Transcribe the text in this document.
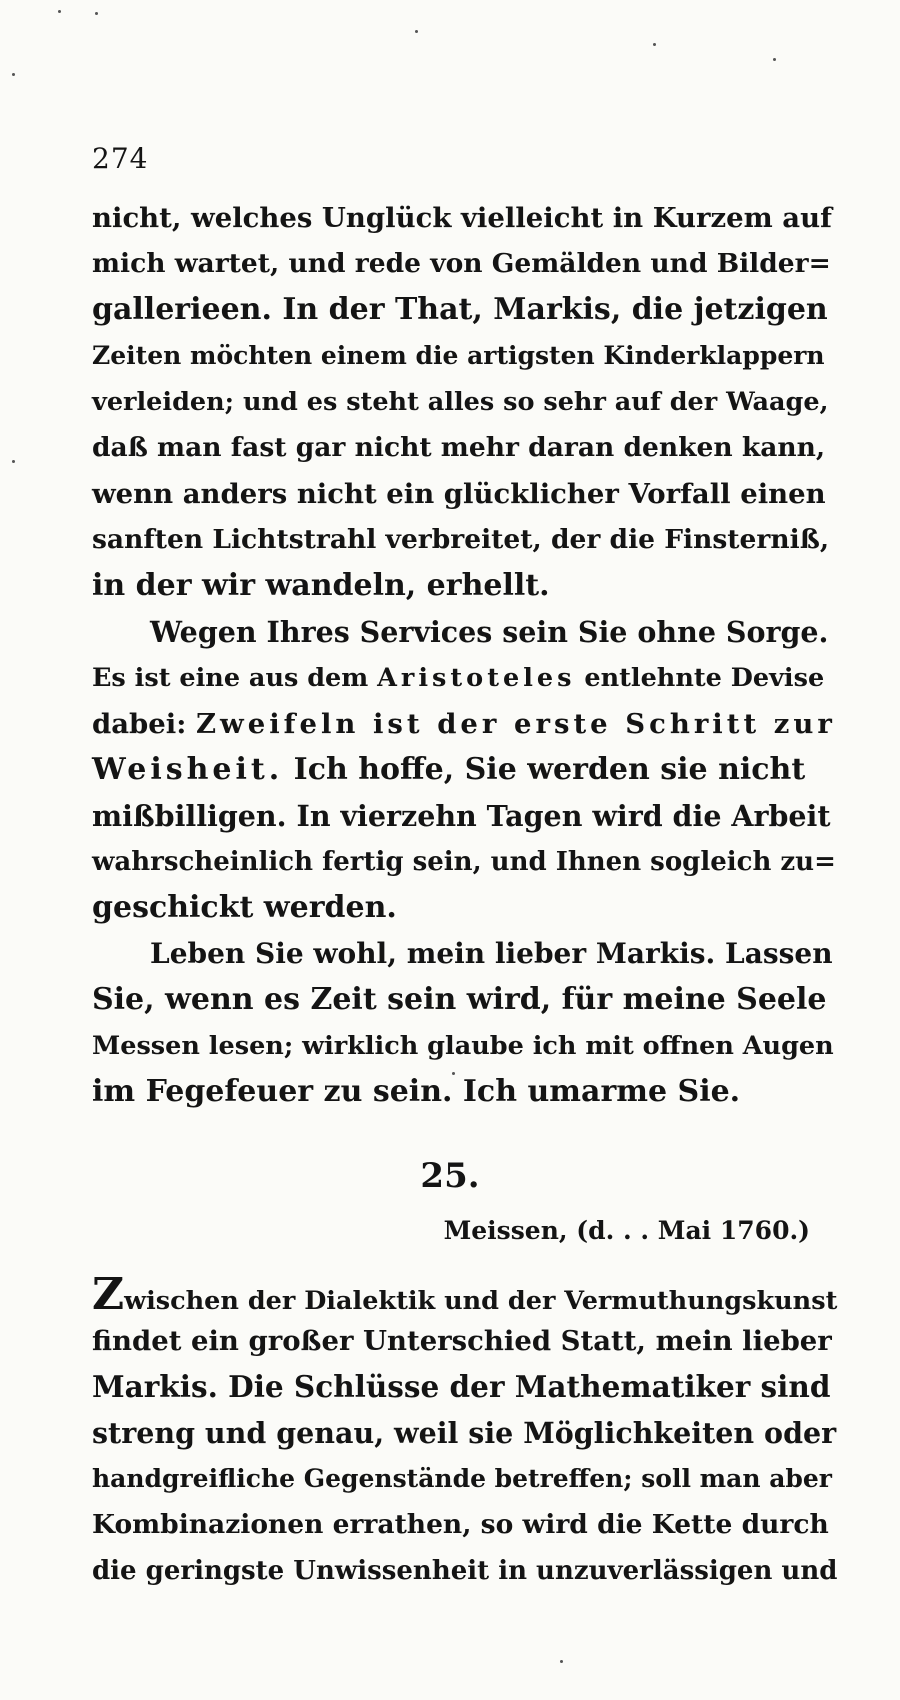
274
nicht, welches Unglück vielleicht in Kurzem auf
mich wartet, und rede von Gemälden und Bilder=
gallerieen. In der That, Markis, die jetzigen
Zeiten möchten einem die artigsten Kinderklappern
verleiden; und es steht alles so sehr auf der Waage,
daß man fast gar nicht mehr daran denken kann,
wenn anders nicht ein glücklicher Vorfall einen
sanften Lichtstrahl verbreitet, der die Finsterniß,
in der wir wandeln, erhellt.
Wegen Ihres Services sein Sie ohne Sorge.
Es ist eine aus dem Aristoteles entlehnte Devise
dabei: Zweifeln ist der erste Schritt zur
Weisheit. Ich hoffe, Sie werden sie nicht
mißbilligen. In vierzehn Tagen wird die Arbeit
wahrscheinlich fertig sein, und Ihnen sogleich zu=
geschickt werden.
Leben Sie wohl, mein lieber Markis. Lassen
Sie, wenn es Zeit sein wird, für meine Seele
Messen lesen; wirklich glaube ich mit offnen Augen
im Fegefeuer zu sein. Ich umarme Sie.
25.
Meissen, (d. . . Mai 1760.)
Zwischen der Dialektik und der Vermuthungskunst
findet ein großer Unterschied Statt, mein lieber
Markis. Die Schlüsse der Mathematiker sind
streng und genau, weil sie Möglichkeiten oder
handgreifliche Gegenstände betreffen; soll man aber
Kombinazionen errathen, so wird die Kette durch
die geringste Unwissenheit in unzuverlässigen und
